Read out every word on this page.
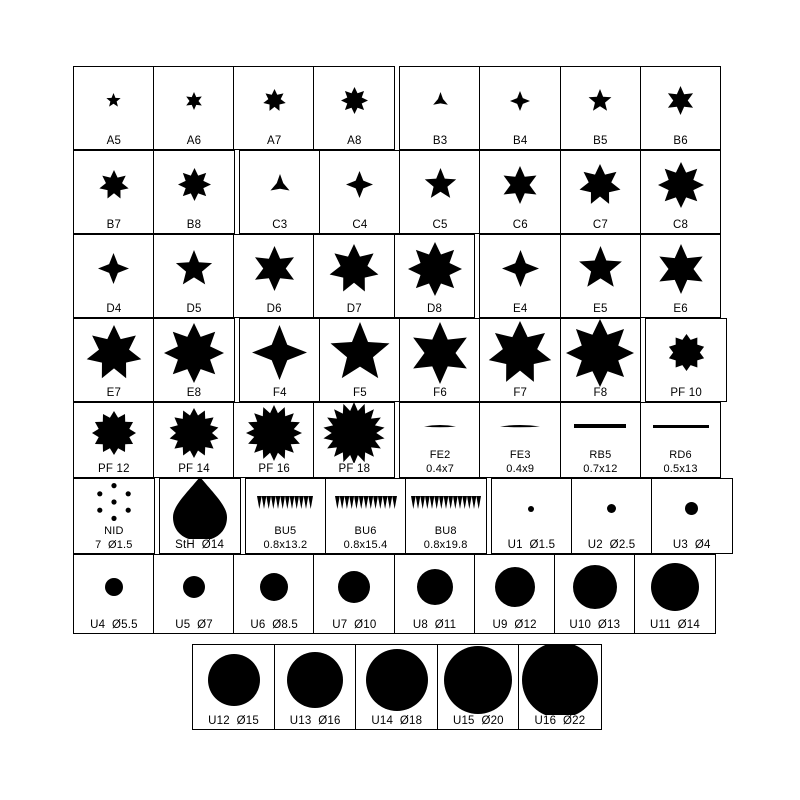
A5	A6	A7	A8	B3	B4	B5	B6
B7	B8	C3	C4	C5	C6	C7	C8
D4	D5	D6	D7	D8	E4	E5	E6
E7	E8	F4	F5	F6	F7	F8	PF 10
PF 12	PF 14	PF 16	PF 18
FE2
0.4x7
FE3
0.4x9
RB5
0.7x12
RD6
0.5x13
NID
7  Ø1.5	StH  Ø14
BU5
0.8x13.2
BU6
0.8x15.4
BU8
0.8x19.8	U1  Ø1.5	U2  Ø2.5	U3  Ø4
U4  Ø5.5	U5  Ø7	U6  Ø8.5	U7  Ø10	U8  Ø11	U9  Ø12	U10  Ø13	U11  Ø14
U12  Ø15	U13  Ø16	U14  Ø18	U15  Ø20	U16  Ø22
